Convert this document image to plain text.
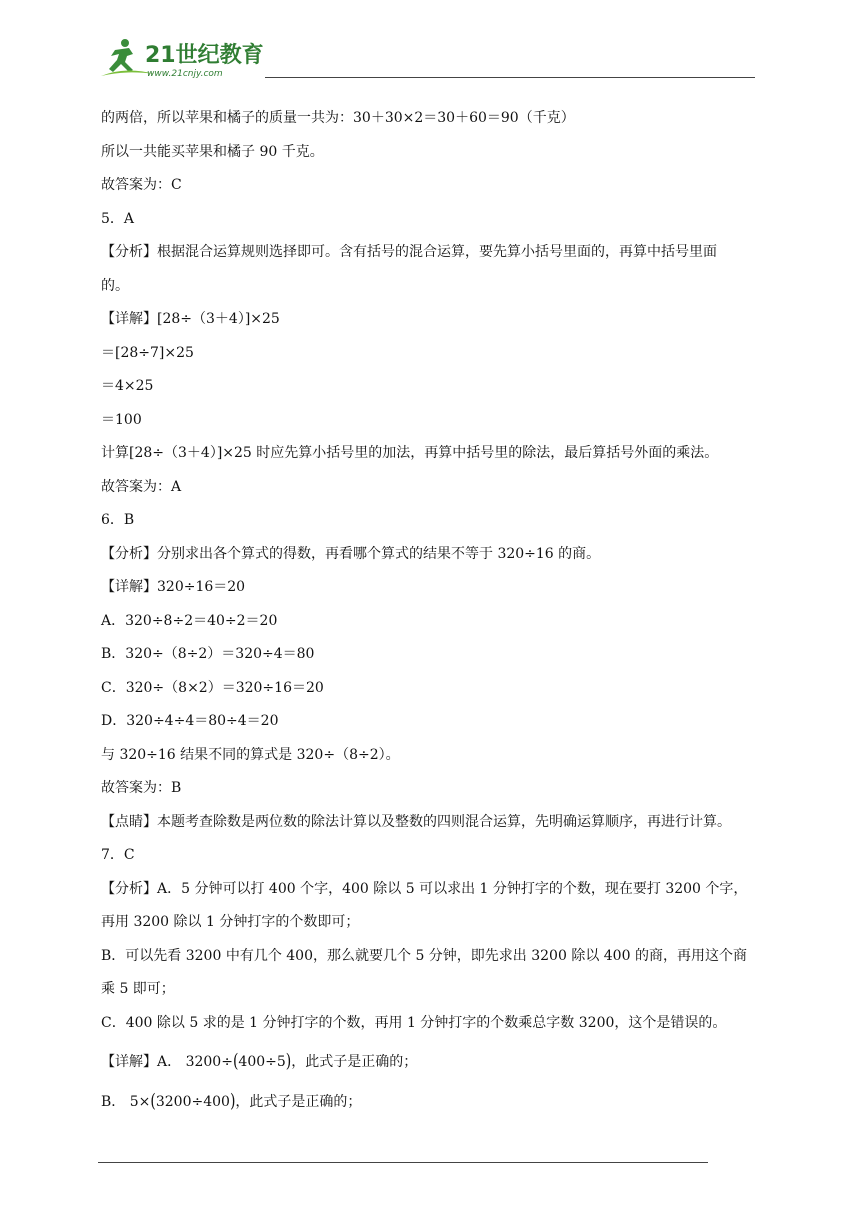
21世纪教育
www.21cnjy.com
的两倍，所以苹果和橘子的质量一共为：30＋30×2＝30＋60＝90（千克）
所以一共能买苹果和橘子 90 千克。
故答案为：C
5．A
【分析】根据混合运算规则选择即可。含有括号的混合运算，要先算小括号里面的，再算中括号里面
的。
【详解】[28÷（3＋4）]×25
＝[28÷7]×25
＝4×25
＝100
计算[28÷（3＋4）]×25 时应先算小括号里的加法，再算中括号里的除法，最后算括号外面的乘法。
故答案为：A
6．B
【分析】分别求出各个算式的得数，再看哪个算式的结果不等于 320÷16 的商。
【详解】320÷16＝20
A．320÷8÷2＝40÷2＝20
B．320÷（8÷2）＝320÷4＝80
C．320÷（8×2）＝320÷16＝20
D．320÷4÷4＝80÷4＝20
与 320÷16 结果不同的算式是 320÷（8÷2）。
故答案为：B
【点睛】本题考查除数是两位数的除法计算以及整数的四则混合运算，先明确运算顺序，再进行计算。
7．C
【分析】A．5 分钟可以打 400 个字，400 除以 5 可以求出 1 分钟打字的个数，现在要打 3200 个字，
再用 3200 除以 1 分钟打字的个数即可；
B．可以先看 3200 中有几个 400，那么就要几个 5 分钟，即先求出 3200 除以 400 的商，再用这个商
乘 5 即可；
C．400 除以 5 求的是 1 分钟打字的个数，再用 1 分钟打字的个数乘总字数 3200，这个是错误的。
【详解】A． 3200÷(400÷5)，此式子是正确的；
B． 5×(3200÷400)，此式子是正确的；
